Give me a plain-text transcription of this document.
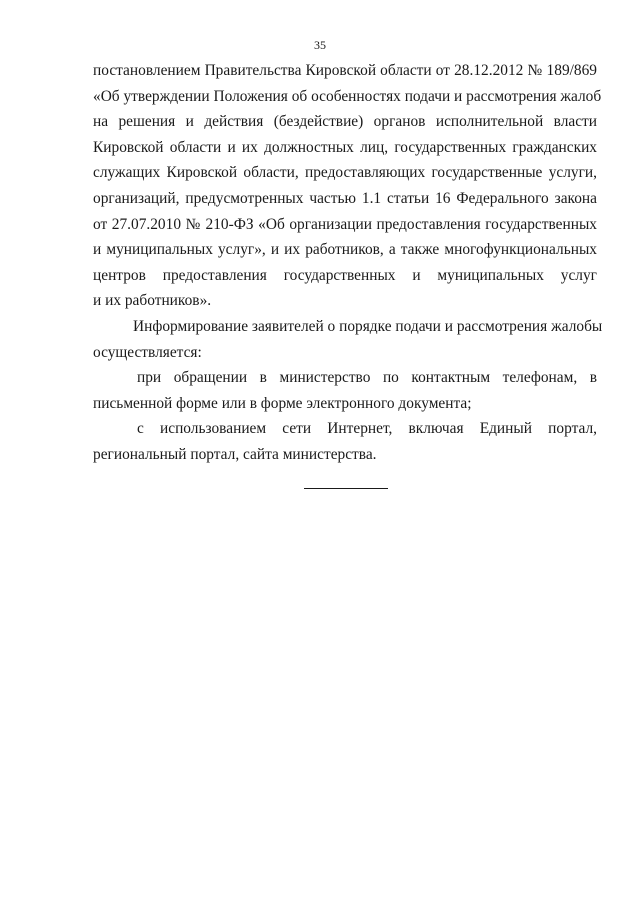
35
постановлением Правительства Кировской области от 28.12.2012 № 189/869
«Об утверждении Положения об особенностях подачи и рассмотрения жалоб
на решения и действия (бездействие) органов исполнительной власти
Кировской области и их должностных лиц, государственных гражданских
служащих Кировской области, предоставляющих государственные услуги,
организаций, предусмотренных частью 1.1 статьи 16 Федерального закона
от 27.07.2010 № 210-ФЗ «Об организации предоставления государственных
и муниципальных услуг», и их работников, а также многофункциональных
центров предоставления государственных и муниципальных услуг
и их работников».
Информирование заявителей о порядке подачи и рассмотрения жалобы
осуществляется:
при обращении в министерство по контактным телефонам, в
письменной форме или в форме электронного документа;
с использованием сети Интернет, включая Единый портал,
региональный портал, сайта министерства.
